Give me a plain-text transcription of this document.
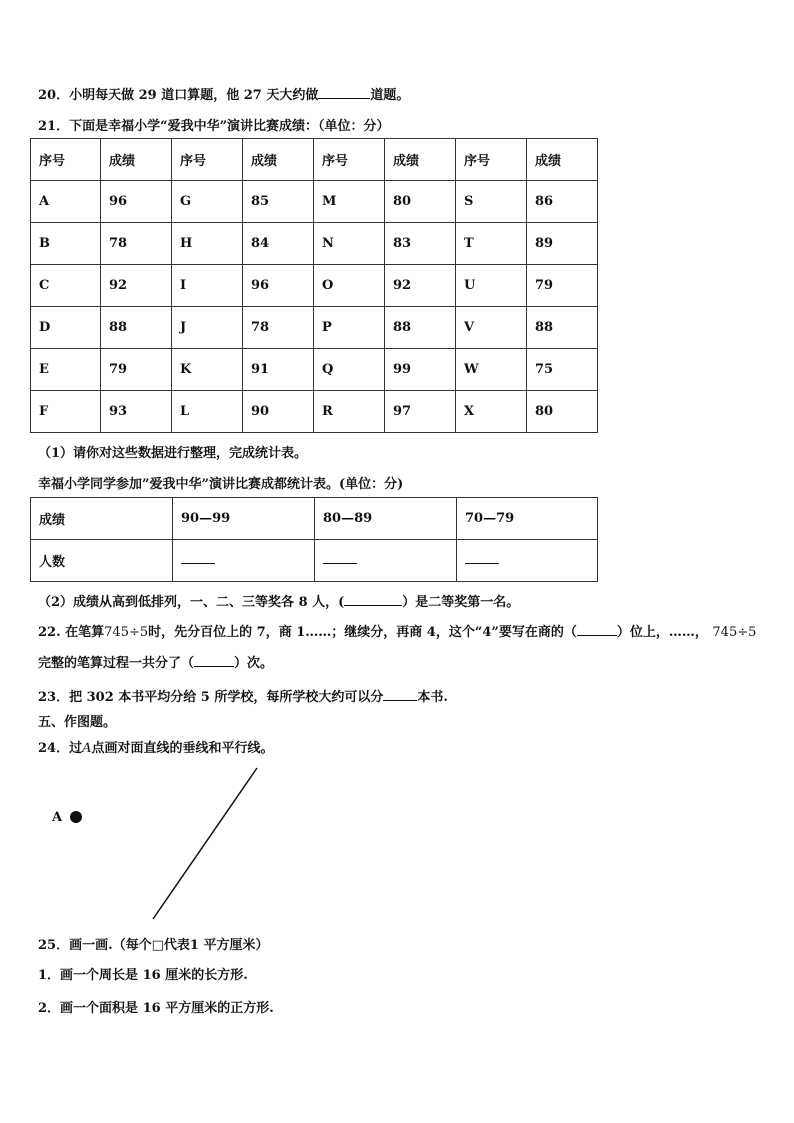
20．小明每天做 29 道口算题，他 27 天大约做	道题。
21．下面是幸福小学“爱我中华”演讲比赛成绩：（单位：分）
序号	成绩	序号	成绩	序号	成绩	序号	成绩
A	96	G	85	M	80	S	86
B	78	H	84	N	83	T	89
C	92	I	96	O	92	U	79
D	88	J	78	P	88	V	88
E	79	K	91	Q	99	W	75
F	93	L	90	R	97	X	80
（1）请你对这些数据进行整理，完成统计表。
幸福小学同学参加”爱我中华”演讲比赛成都统计表。(单位：分)
成绩	90—99	80—89	70—79
人数			
（2）成绩从高到低排列，一、二、三等奖各 8 人，(	）是二等奖第一名。
22. 在笔算745÷5时，先分百位上的 7，商 1……；继续分，再商 4，这个“4”要写在商的（	）位上，……， 745÷5
完整的笔算过程一共分了（	）次。
23．把 302 本书平均分给 5 所学校，每所学校大约可以分	本书.
五、作图题。
24．过A点画对面直线的垂线和平行线。
A
25．画一画.（每个□代表1 平方厘米）
1．画一个周长是 16 厘米的长方形.
2．画一个面积是 16 平方厘米的正方形.
